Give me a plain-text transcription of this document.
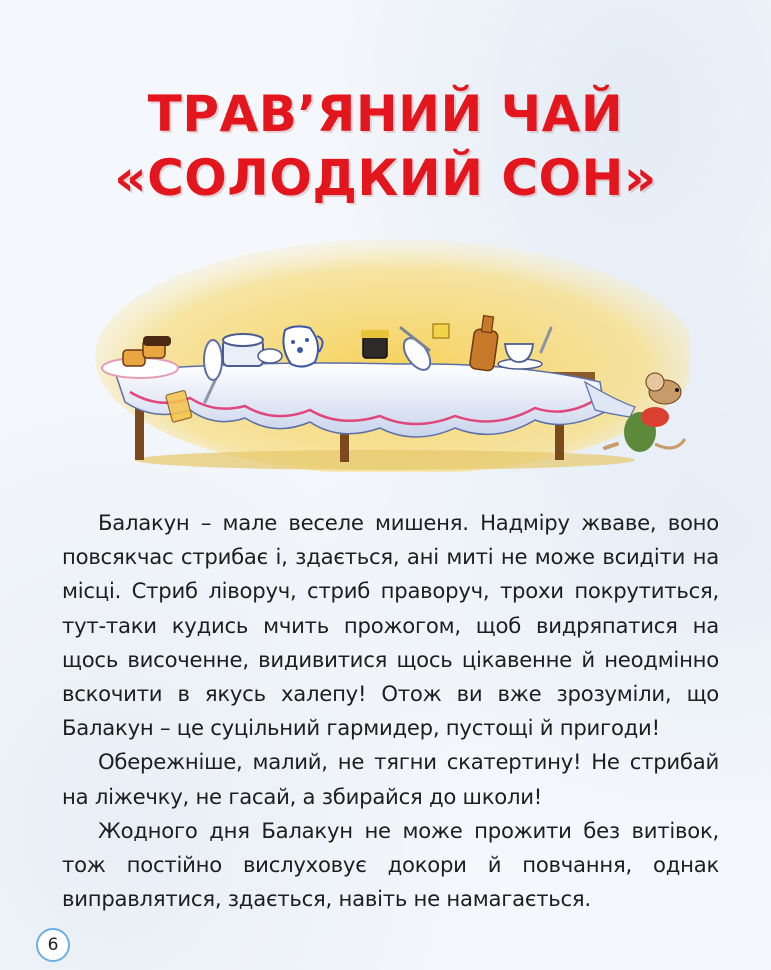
ТРАВ’ЯНИЙ ЧАЙ
«СОЛОДКИЙ СОН»

Балакун – мале веселе мишеня. Надміру жваве, воно повсякчас стрибає і, здається, ані миті не може всидіти на місці. Стриб ліворуч, стриб праворуч, трохи покрутиться, тут-таки кудись мчить прожогом, щоб видряпатися на щось височенне, видивитися щось цікавенне й неодмінно вскочити в якусь халепу! Отож ви вже зрозуміли, що Балакун – це суцільний гармидер, пустощі й пригоди!

Обережніше, малий, не тягни скатертину! Не стрибай на ліжечку, не гасай, а збирайся до школи!

Жодного дня Балакун не може прожити без витівок, тож постійно вислуховує докори й повчання, однак виправлятися, здається, навіть не намагається.

6
